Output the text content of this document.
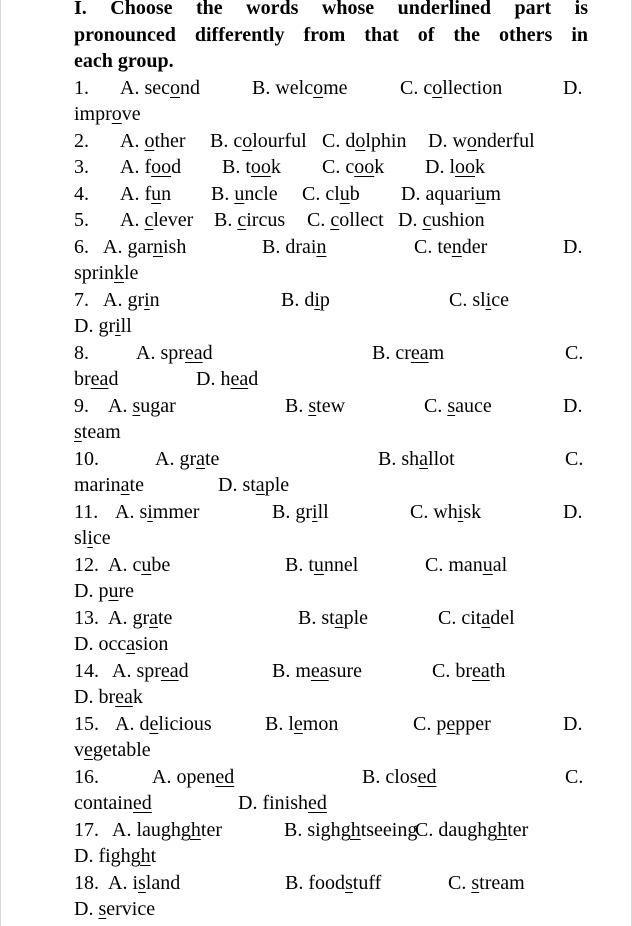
I. Choose the words whose underlined part is
pronounced differently from that of the others in
each group.
1. A. second	B. welcome	C. collection	D.
improve
2. A. other B. colourful C. dolphin D. wonderful
3. A. food B. took C. cook D. look
4. A. fun B. uncle C. club D. aquarium
5. A. clever B. circus C. collect D. cushion
6. A. garnish	B. drain	C. tender	D.
sprinkle
7. A. grin	B. dip	C. slice
D. grill
8. A. spread	B. cream	C.
bread	D. head
9. A. sugar	B. stew	C. sauce	D.
steam
10.	A. grate	B. shallot	C.
marinate	D. staple
11. A. simmer	B. grill	C. whisk	D.
slice
12. A. cube	B. tunnel	C. manual
D. pure
13. A. grate	B. staple	C. citadel
D. occasion
14. A. spread	B. measure	C. breath
D. break
15. A. delicious	B. lemon	C. pepper	D.
vegetable
16.	A. opened	B. closed	C.
contained	D. finished
17. A. laughghter	B. sighghtseeing
C. daughghter
D. fighght
18. A. island	B. foodstuff	C. stream
D. service
